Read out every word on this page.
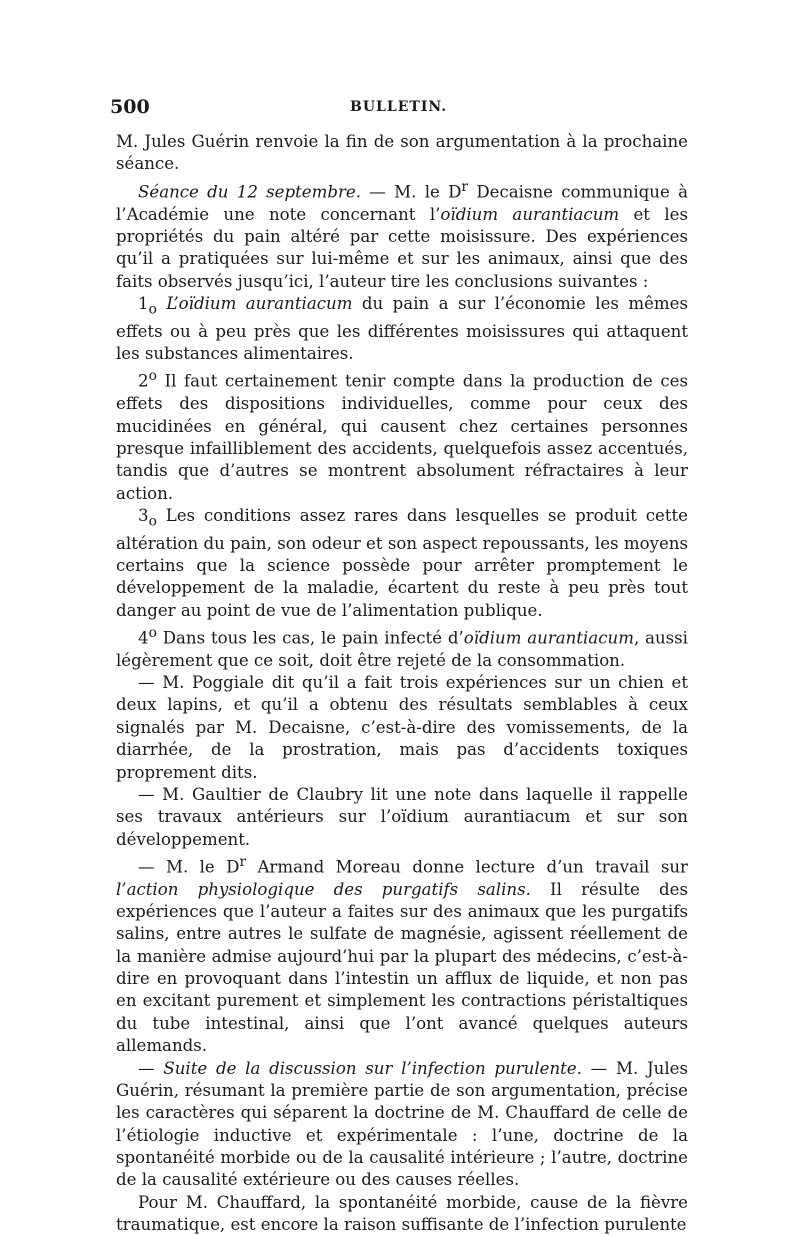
500	BULLETIN.

M. Jules Guérin renvoie la fin de son argumentation à la prochaine séance.

Séance du 12 septembre. — M. le $D^r$ Decaisne communique à l’Académie une note concernant l’oïdium aurantiacum et les propriétés du pain altéré par cette moisissure. Des expériences qu’il a pratiquées sur lui-même et sur les animaux, ainsi que des faits observés jusqu’ici, l’auteur tire les conclusions suivantes :

$1_o$ L’oïdium aurantiacum du pain a sur l’économie les mêmes effets ou à peu près que les différentes moisissures qui attaquent les substances alimentaires.

2$^o$ Il faut certainement tenir compte dans la production de ces effets des dispositions individuelles, comme pour ceux des mucidinées en général, qui causent chez certaines personnes presque infailliblement des accidents, quelquefois assez accentués, tandis que d’autres se montrent absolument réfractaires à leur action.

$3_o$ Les conditions assez rares dans lesquelles se produit cette altération du pain, son odeur et son aspect repoussants, les moyens certains que la science possède pour arrêter promptement le développement de la maladie, écartent du reste à peu près tout danger au point de vue de l’alimentation publique.

4$^o$ Dans tous les cas, le pain infecté d’oïdium aurantiacum, aussi légèrement que ce soit, doit être rejeté de la consommation.

— M. Poggiale dit qu’il a fait trois expériences sur un chien et deux lapins, et qu’il a obtenu des résultats semblables à ceux signalés par M. Decaisne, c’est-à-dire des vomissements, de la diarrhée, de la prostration, mais pas d’accidents toxiques proprement dits.

— M. Gaultier de Claubry lit une note dans laquelle il rappelle ses travaux antérieurs sur l’oïdium aurantiacum et sur son développement.

— M. le $D^r$ Armand Moreau donne lecture d’un travail sur l’action physiologique des purgatifs salins. Il résulte des expériences que l’auteur a faites sur des animaux que les purgatifs salins, entre autres le sulfate de magnésie, agissent réellement de la manière admise aujourd’hui par la plupart des médecins, c’est-à-dire en provoquant dans l’intestin un afflux de liquide, et non pas en excitant purement et simplement les contractions péristaltiques du tube intestinal, ainsi que l’ont avancé quelques auteurs allemands.

— Suite de la discussion sur l’infection purulente. — M. Jules Guérin, résumant la première partie de son argumentation, précise les caractères qui séparent la doctrine de M. Chauffard de celle de l’étiologie inductive et expérimentale : l’une, doctrine de la spontanéité morbide ou de la causalité intérieure ; l’autre, doctrine de la causalité extérieure ou des causes réelles.

Pour M. Chauffard, la spontanéité morbide, cause de la fièvre traumatique, est encore la raison suffisante de l’infection purulente
